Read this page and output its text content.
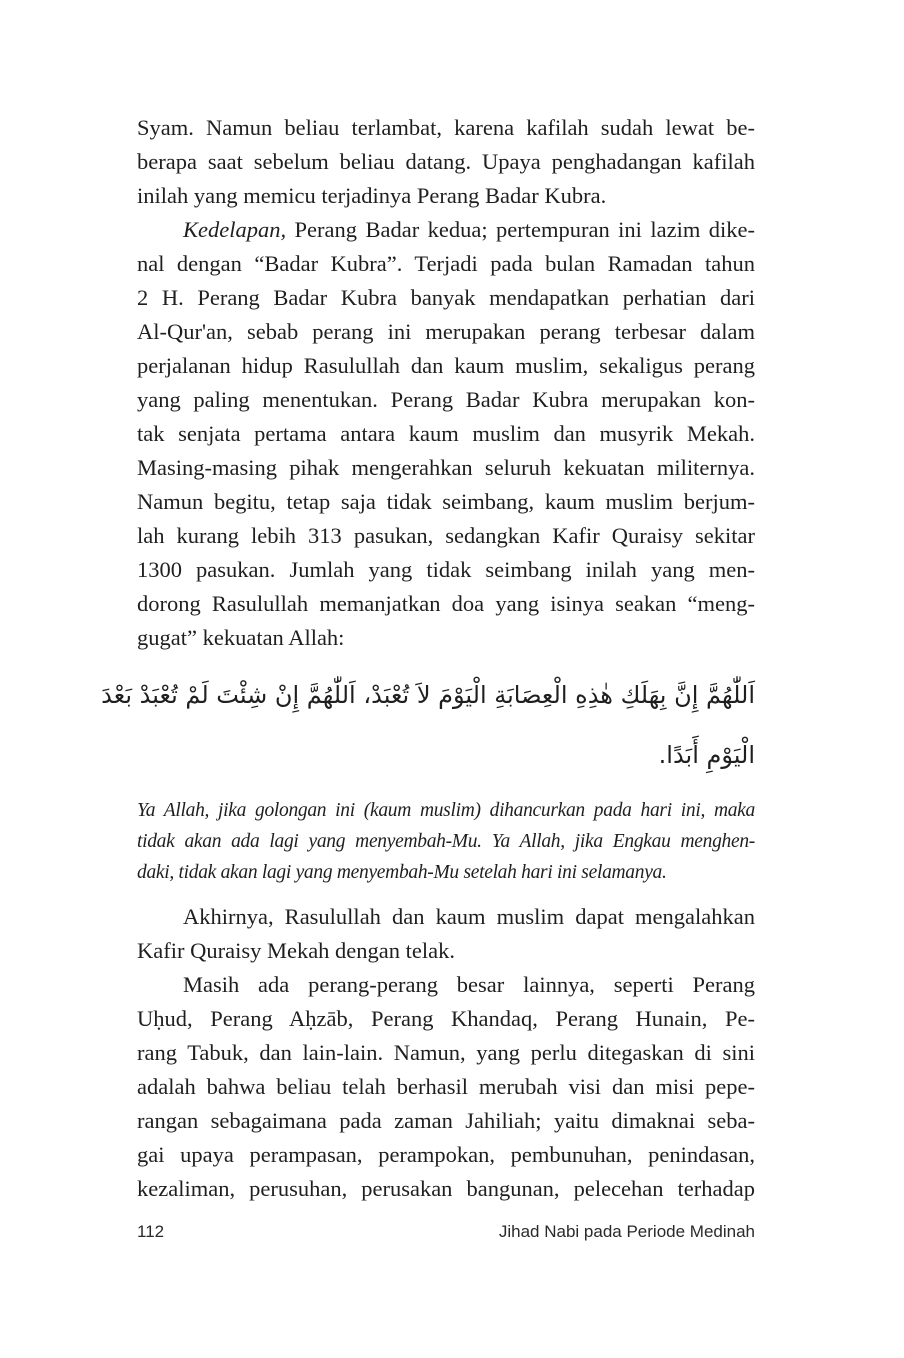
Syam. Namun beliau terlambat, karena kafilah sudah lewat be-
berapa saat sebelum beliau datang. Upaya penghadangan kafilah
inilah yang memicu terjadinya Perang Badar Kubra.

Kedelapan, Perang Badar kedua; pertempuran ini lazim dike-
nal dengan “Badar Kubra”. Terjadi pada bulan Ramadan tahun
2 H. Perang Badar Kubra banyak mendapatkan perhatian dari
Al-Qur'an, sebab perang ini merupakan perang terbesar dalam
perjalanan hidup Rasulullah dan kaum muslim, sekaligus perang
yang paling menentukan. Perang Badar Kubra merupakan kon-
tak senjata pertama antara kaum muslim dan musyrik Mekah.
Masing-masing pihak mengerahkan seluruh kekuatan militernya.
Namun begitu, tetap saja tidak seimbang, kaum muslim berjum-
lah kurang lebih 313 pasukan, sedangkan Kafir Quraisy sekitar
1300 pasukan. Jumlah yang tidak seimbang inilah yang men-
dorong Rasulullah memanjatkan doa yang isinya seakan “meng-
gugat” kekuatan Allah:

اَللّٰهُمَّ إِنَّ بِهَلَكِ هٰذِهِ الْعِصَابَةِ الْيَوْمَ لاَ تُعْبَدْ، اَللّٰهُمَّ إِنْ شِئْتَ لَمْ تُعْبَدْ بَعْدَ
الْيَوْمِ أَبَدًا.

Ya Allah, jika golongan ini (kaum muslim) dihancurkan pada hari ini, maka
tidak akan ada lagi yang menyembah-Mu. Ya Allah, jika Engkau menghen-
daki, tidak akan lagi yang menyembah-Mu setelah hari ini selamanya.

Akhirnya, Rasulullah dan kaum muslim dapat mengalahkan
Kafir Quraisy Mekah dengan telak.

Masih ada perang-perang besar lainnya, seperti Perang
Uḥud, Perang Aḥzāb, Perang Khandaq, Perang Hunain, Pe-
rang Tabuk, dan lain-lain. Namun, yang perlu ditegaskan di sini
adalah bahwa beliau telah berhasil merubah visi dan misi pepe-
rangan sebagaimana pada zaman Jahiliah; yaitu dimaknai seba-
gai upaya perampasan, perampokan, pembunuhan, penindasan,
kezaliman, perusuhan, perusakan bangunan, pelecehan terhadap

112	Jihad Nabi pada Periode Medinah
